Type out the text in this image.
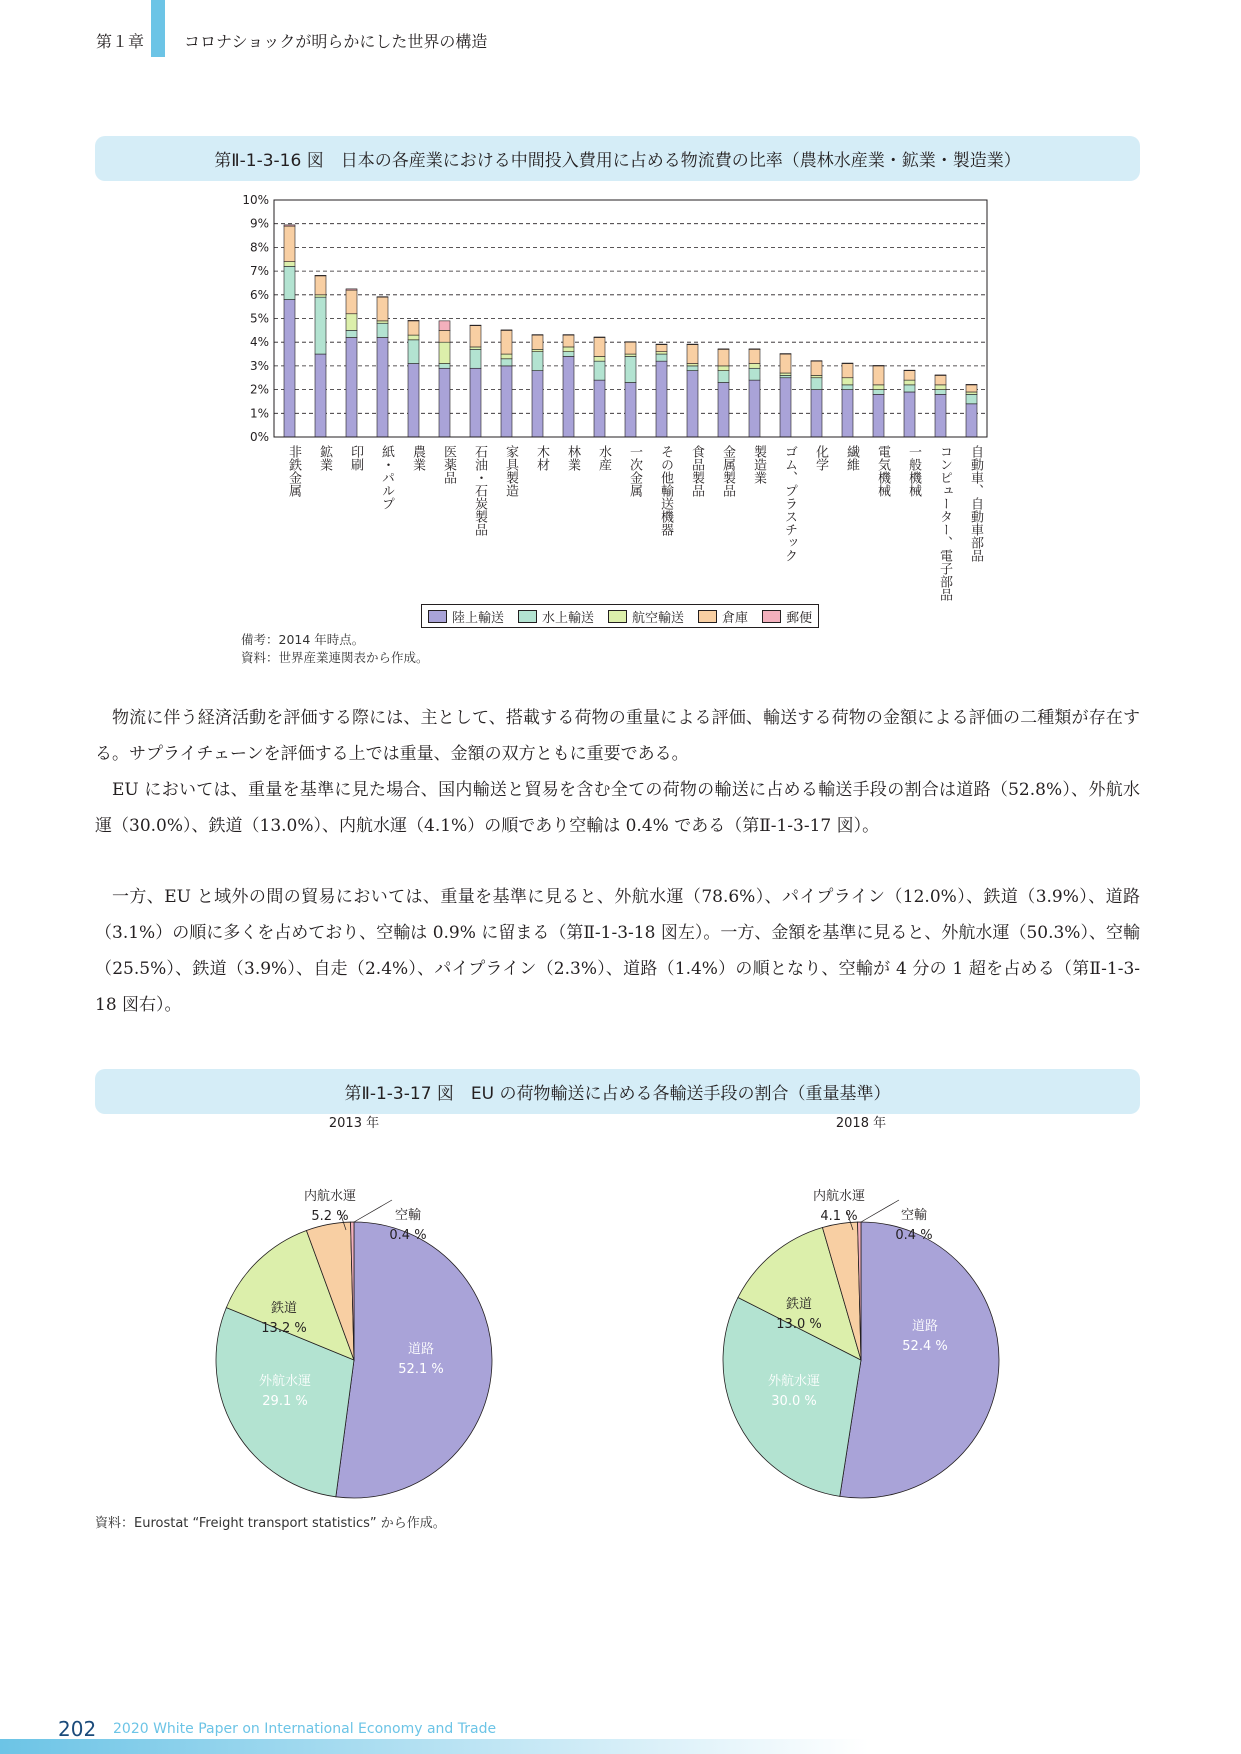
第１章 コロナショックが明らかにした世界の構造
第Ⅱ-1-3-16 図　日本の各産業における中間投入費用に占める物流費の比率（農林水産業・鉱業・製造業）
0%
1%
2%
3%
4%
5%
6%
7%
8%
9%
10%
非鉄金属 鉱業 印刷 紙・パルプ 農業 医薬品 石油・石炭製品 家具製造 木材 林業 水産 一次金属 その他輸送機器 食品製品 金属製品 製造業 ゴム、プラスチック 化学 繊維 電気機械 一般機械 コンピューター、電子部品 自動車、自動車部品
陸上輸送	水上輸送	航空輸送	倉庫	郵便
備考：2014 年時点。
資料：世界産業連関表から作成。

物流に伴う経済活動を評価する際には、主として、搭載する荷物の重量による評価、輸送する荷物の金額による評価の二種類が存在する。サプライチェーンを評価する上では重量、金額の双方ともに重要である。

EU においては、重量を基準に見た場合、国内輸送と貿易を含む全ての荷物の輸送に占める輸送手段の割合は道路（52.8%）、外航水運（30.0%）、鉄道（13.0%）、内航水運（4.1%）の順であり空輸は 0.4% である（第Ⅱ-1-3-17 図）。

一方、EU と域外の間の貿易においては、重量を基準に見ると、外航水運（78.6%）、パイプライン（12.0%）、鉄道（3.9%）、道路（3.1%）の順に多くを占めており、空輸は 0.9% に留まる（第Ⅱ-1-3-18 図左）。一方、金額を基準に見ると、外航水運（50.3%）、空輸（25.5%）、鉄道（3.9%）、自走（2.4%）、パイプライン（2.3%）、道路（1.4%）の順となり、空輸が 4 分の 1 超を占める（第Ⅱ-1-3-18 図右）。

第Ⅱ-1-3-17 図　EU の荷物輸送に占める各輸送手段の割合（重量基準）
2013 年
道路
52.1 %
外航水運
29.1 %
鉄道
13.2 %
内航水運
5.2 %	空輸
0.4 %
2018 年
道路
52.4 %
外航水運
30.0 %
鉄道
13.0 %
内航水運
4.1 %	空輸
0.4 %
資料：Eurostat “Freight transport statistics” から作成。
202 2020 White Paper on International Economy and Trade
